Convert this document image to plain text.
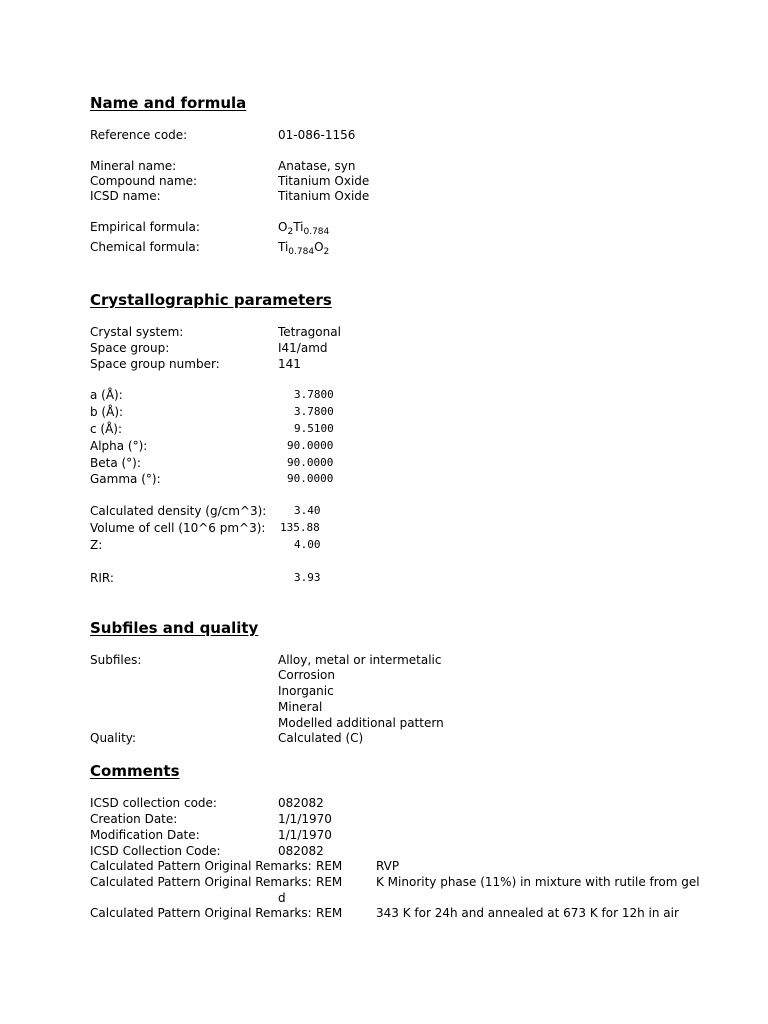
Name and formula
Reference code:	01-086-1156
Mineral name:	Anatase, syn
Compound name:	Titanium Oxide
ICSD name:	Titanium Oxide
Empirical formula:	$O_2Ti_{0.784}$
Chemical formula:	$Ti_{0.784}O_2$
Crystallographic parameters
Crystal system:	Tetragonal
Space group:	I41/amd
Space group number:	141
a (Å):	3.7800
b (Å):	3.7800
c (Å):	9.5100
Alpha (°):	90.0000
Beta (°):	90.0000
Gamma (°):	90.0000
Calculated density (g/cm^3):	3.40
Volume of cell (10^6 pm^3): 135.88
Z:	4.00
RIR:	3.93
Subfiles and quality
Subfiles:	Alloy, metal or intermetalic
Corrosion
Inorganic
Mineral
Modelled additional pattern
Quality:	Calculated (C)
Comments
ICSD collection code:	082082
Creation Date:	1/1/1970
Modification Date:	1/1/1970
ICSD Collection Code:	082082
Calculated Pattern Original Remarks: REM	RVP
Calculated Pattern Original Remarks: REM	K Minority phase (11%) in mixture with rutile from gel
d
Calculated Pattern Original Remarks: REM	343 K for 24h and annealed at 673 K for 12h in air
